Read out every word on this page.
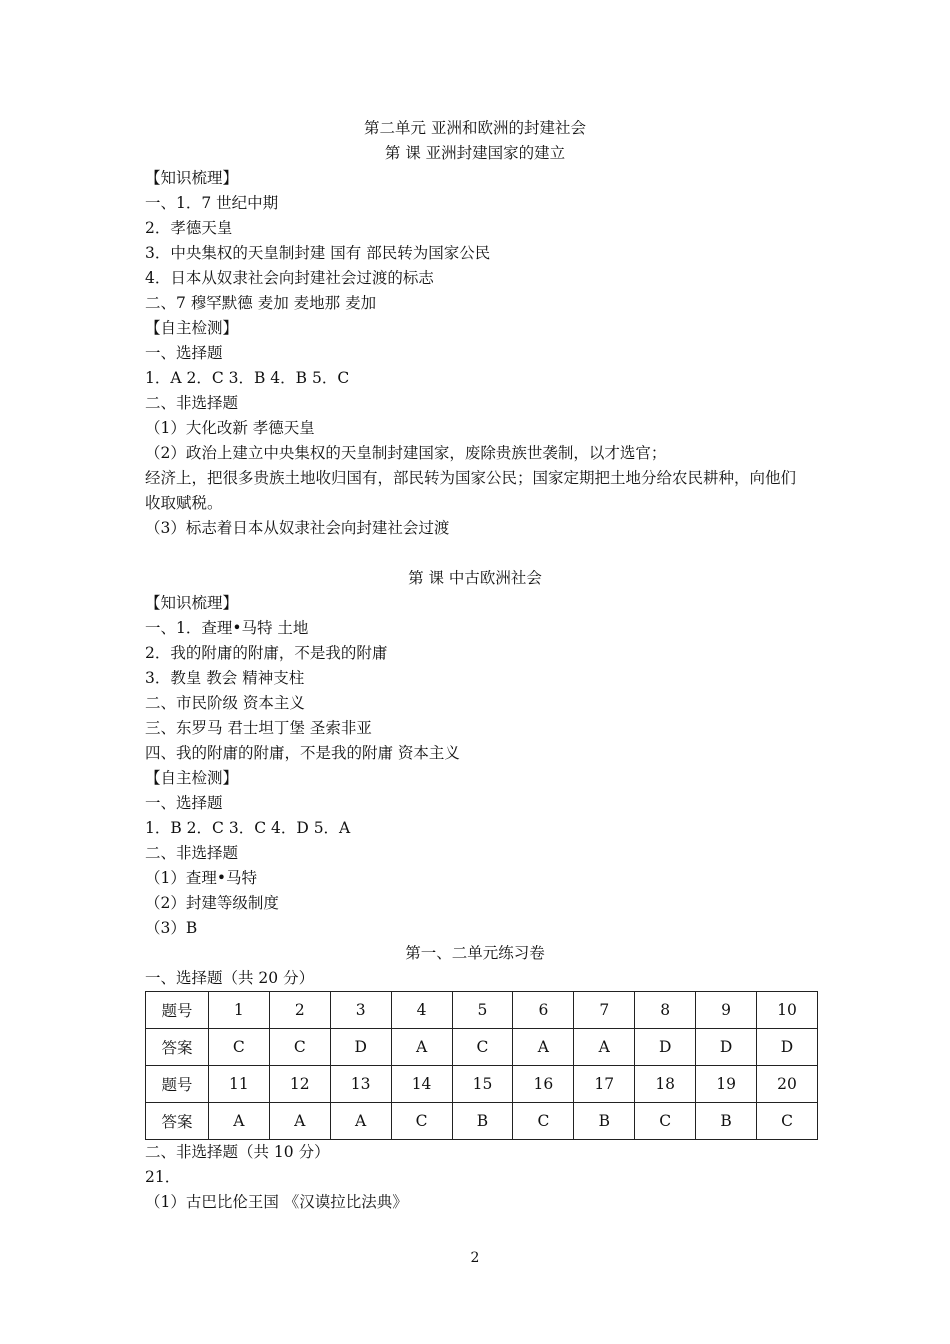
第二单元 亚洲和欧洲的封建社会
第 课 亚洲封建国家的建立
【知识梳理】
一、1．7 世纪中期
2．孝德天皇
3．中央集权的天皇制封建 国有 部民转为国家公民
4．日本从奴隶社会向封建社会过渡的标志
二、7 穆罕默德 麦加 麦地那 麦加
【自主检测】
一、选择题
1．A 2．C 3．B 4．B 5．C
二、非选择题
（1）大化改新 孝德天皇
（2）政治上建立中央集权的天皇制封建国家，废除贵族世袭制，以才选官；
经济上，把很多贵族土地收归国有，部民转为国家公民；国家定期把土地分给农民耕种，向他们收取赋税。
（3）标志着日本从奴隶社会向封建社会过渡
第 课 中古欧洲社会
【知识梳理】
一、1．查理•马特 土地
2．我的附庸的附庸，不是我的附庸
3．教皇 教会 精神支柱
二、市民阶级 资本主义
三、东罗马 君士坦丁堡 圣索非亚
四、我的附庸的附庸，不是我的附庸 资本主义
【自主检测】
一、选择题
1．B 2．C 3．C 4．D 5．A
二、非选择题
（1）查理•马特
（2）封建等级制度
（3）B
第一、二单元练习卷
一、选择题（共 20 分）
题号	1	2	3	4	5	6	7	8	9	10
答案	C	C	D	A	C	A	A	D	D	D
题号	11	12	13	14	15	16	17	18	19	20
答案	A	A	A	C	B	C	B	C	B	C
二、非选择题（共 10 分）
21．
（1）古巴比伦王国 《汉谟拉比法典》
2
